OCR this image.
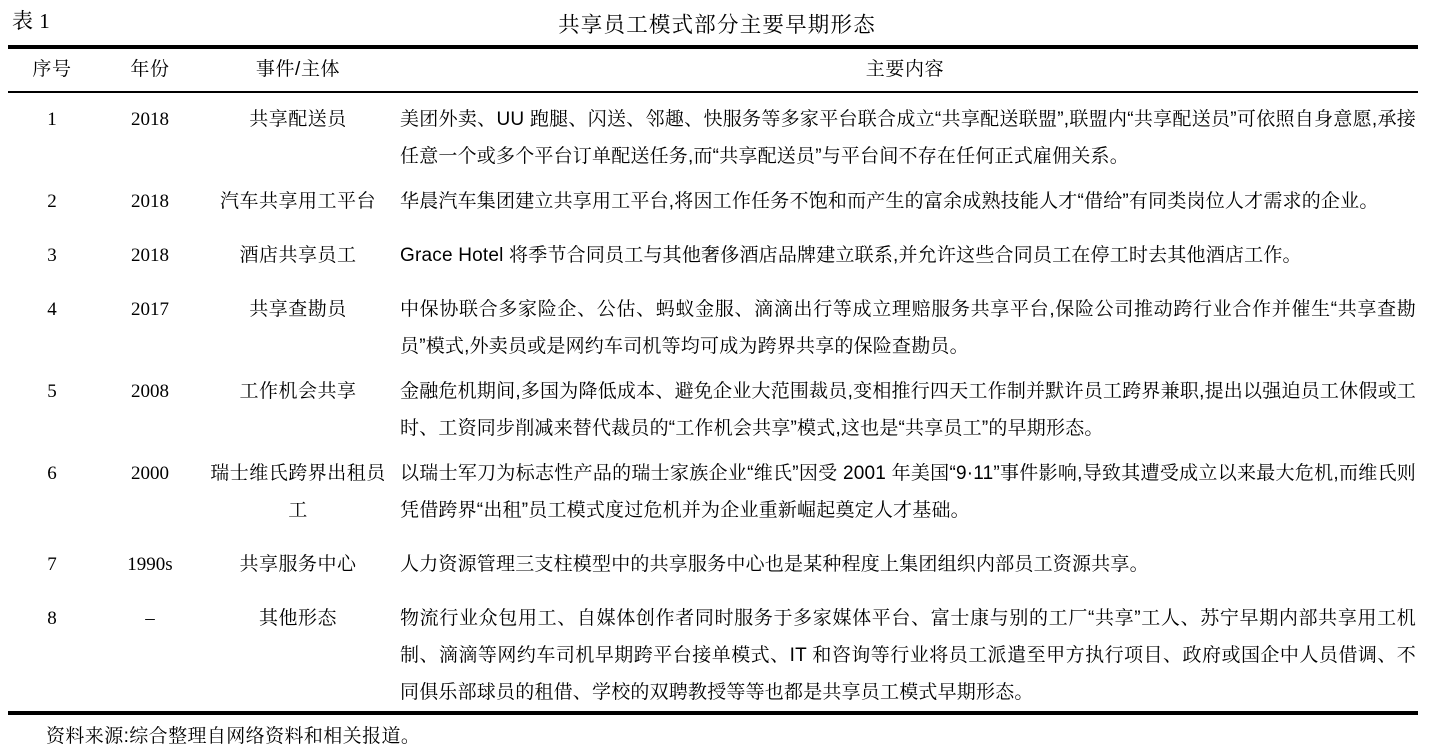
表 1	共享员工模式部分主要早期形态
序号	年份	事件/主体	主要内容
1	2018	共享配送员	美团外卖、UU 跑腿、闪送、邻趣、快服务等多家平台联合成立“共享配送联盟”,联盟内“共享配送员”可依照自身意愿,承接任意一个或多个平台订单配送任务,而“共享配送员”与平台间不存在任何正式雇佣关系。
2	2018	汽车共享用工平台	华晨汽车集团建立共享用工平台,将因工作任务不饱和而产生的富余成熟技能人才“借给”有同类岗位人才需求的企业。
3	2018	酒店共享员工	Grace Hotel 将季节合同员工与其他奢侈酒店品牌建立联系,并允许这些合同员工在停工时去其他酒店工作。
4	2017	共享查勘员	中保协联合多家险企、公估、蚂蚁金服、滴滴出行等成立理赔服务共享平台,保险公司推动跨行业合作并催生“共享查勘员”模式,外卖员或是网约车司机等均可成为跨界共享的保险查勘员。
5	2008	工作机会共享	金融危机期间,多国为降低成本、避免企业大范围裁员,变相推行四天工作制并默许员工跨界兼职,提出以强迫员工休假或工时、工资同步削减来替代裁员的“工作机会共享”模式,这也是“共享员工”的早期形态。
6	2000	瑞士维氏跨界出租员工	以瑞士军刀为标志性产品的瑞士家族企业“维氏”因受 2001 年美国“9·11”事件影响,导致其遭受成立以来最大危机,而维氏则凭借跨界“出租”员工模式度过危机并为企业重新崛起奠定人才基础。
7	1990s	共享服务中心	人力资源管理三支柱模型中的共享服务中心也是某种程度上集团组织内部员工资源共享。
8	–	其他形态	物流行业众包用工、自媒体创作者同时服务于多家媒体平台、富士康与别的工厂“共享”工人、苏宁早期内部共享用工机制、滴滴等网约车司机早期跨平台接单模式、IT 和咨询等行业将员工派遣至甲方执行项目、政府或国企中人员借调、不同俱乐部球员的租借、学校的双聘教授等等也都是共享员工模式早期形态。
资料来源:综合整理自网络资料和相关报道。
